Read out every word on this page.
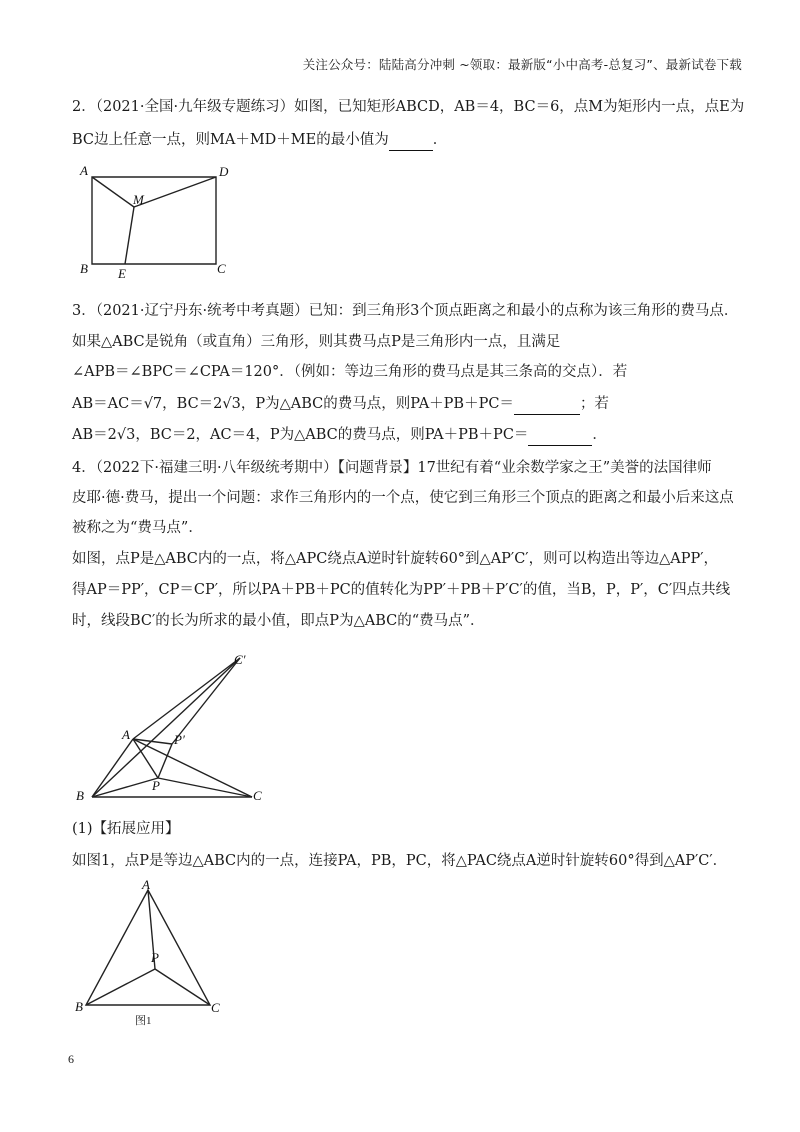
关注公众号：陆陆高分冲刺 ~领取：最新版“小中高考-总复习”、最新试卷下载
2．（2021·全国·九年级专题练习）如图，已知矩形ABCD，AB＝4，BC＝6，点M为矩形内一点，点E为
BC边上任意一点，则MA＋MD＋ME的最小值为	．
A	D
M
B	C
E
3．（2021·辽宁丹东·统考中考真题）已知：到三角形3个顶点距离之和最小的点称为该三角形的费马点．
如果△ABC是锐角（或直角）三角形，则其费马点P是三角形内一点，且满足
∠APB＝∠BPC＝∠CPA＝120°．（例如：等边三角形的费马点是其三条高的交点）．若
AB＝AC＝√7，BC＝2√3，P为△ABC的费马点，则PA＋PB＋PC＝	；若
AB＝2√3，BC＝2，AC＝4，P为△ABC的费马点，则PA＋PB＋PC＝	．
4．（2022下·福建三明·八年级统考期中）【问题背景】17世纪有着“业余数学家之王”美誉的法国律师
皮耶·德·费马，提出一个问题：求作三角形内的一个点，使它到三角形三个顶点的距离之和最小后来这点
被称之为“费马点”．
如图，点P是△ABC内的一点，将△APC绕点A逆时针旋转60°到△AP′C′，则可以构造出等边△APP′，
得AP＝PP′，CP＝CP′，所以PA＋PB＋PC的值转化为PP′＋PB＋P′C′的值，当B，P，P′，C′四点共线
时，线段BC′的长为所求的最小值，即点P为△ABC的“费马点”．
A	P′
C′
P
B	C
(1)【拓展应用】
如图1，点P是等边△ABC内的一点，连接PA，PB，PC，将△PAC绕点A逆时针旋转60°得到△AP′C′．
A
P
B	C
图1
6
